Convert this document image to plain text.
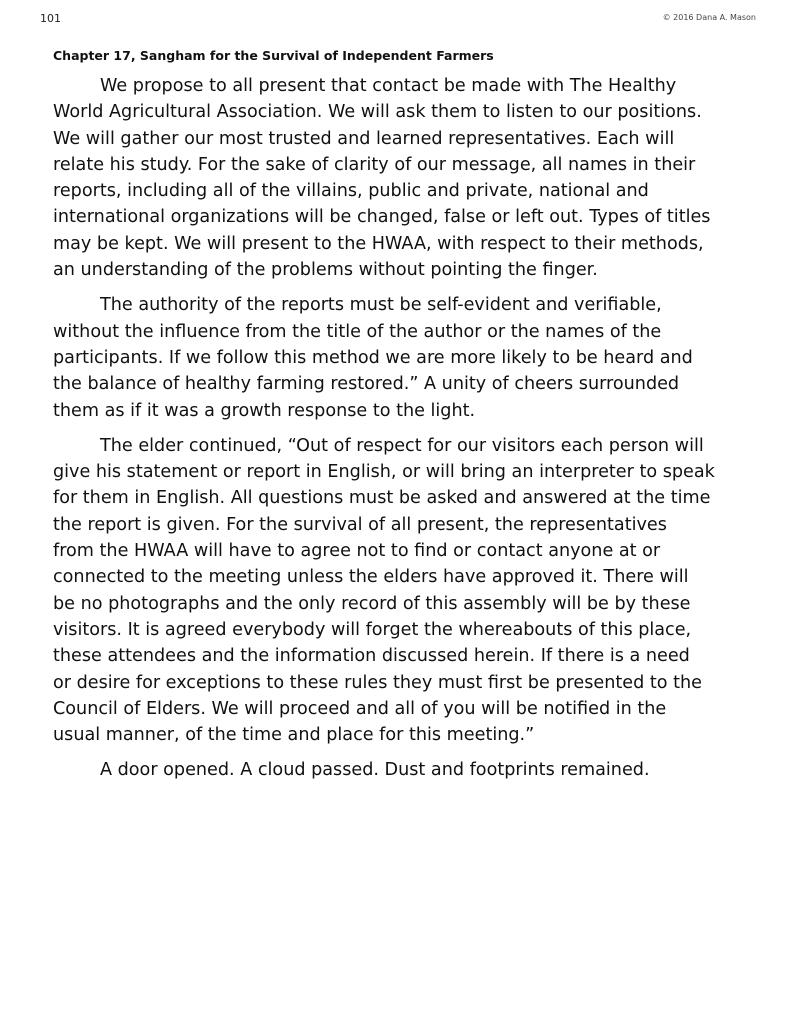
101	© 2016 Dana A. Mason
Chapter 17, Sangham for the Survival of Independent Farmers

We propose to all present that contact be made with The Healthy
World Agricultural Association. We will ask them to listen to our positions.
We will gather our most trusted and learned representatives. Each will
relate his study. For the sake of clarity of our message, all names in their
reports, including all of the villains, public and private, national and
international organizations will be changed, false or left out. Types of titles
may be kept. We will present to the HWAA, with respect to their methods,
an understanding of the problems without pointing the finger.

The authority of the reports must be self-evident and verifiable,
without the influence from the title of the author or the names of the
participants. If we follow this method we are more likely to be heard and
the balance of healthy farming restored.” A unity of cheers surrounded
them as if it was a growth response to the light.

The elder continued, “Out of respect for our visitors each person will
give his statement or report in English, or will bring an interpreter to speak
for them in English. All questions must be asked and answered at the time
the report is given. For the survival of all present, the representatives
from the HWAA will have to agree not to find or contact anyone at or
connected to the meeting unless the elders have approved it. There will
be no photographs and the only record of this assembly will be by these
visitors. It is agreed everybody will forget the whereabouts of this place,
these attendees and the information discussed herein. If there is a need
or desire for exceptions to these rules they must first be presented to the
Council of Elders. We will proceed and all of you will be notified in the
usual manner, of the time and place for this meeting.”

A door opened. A cloud passed. Dust and footprints remained.
